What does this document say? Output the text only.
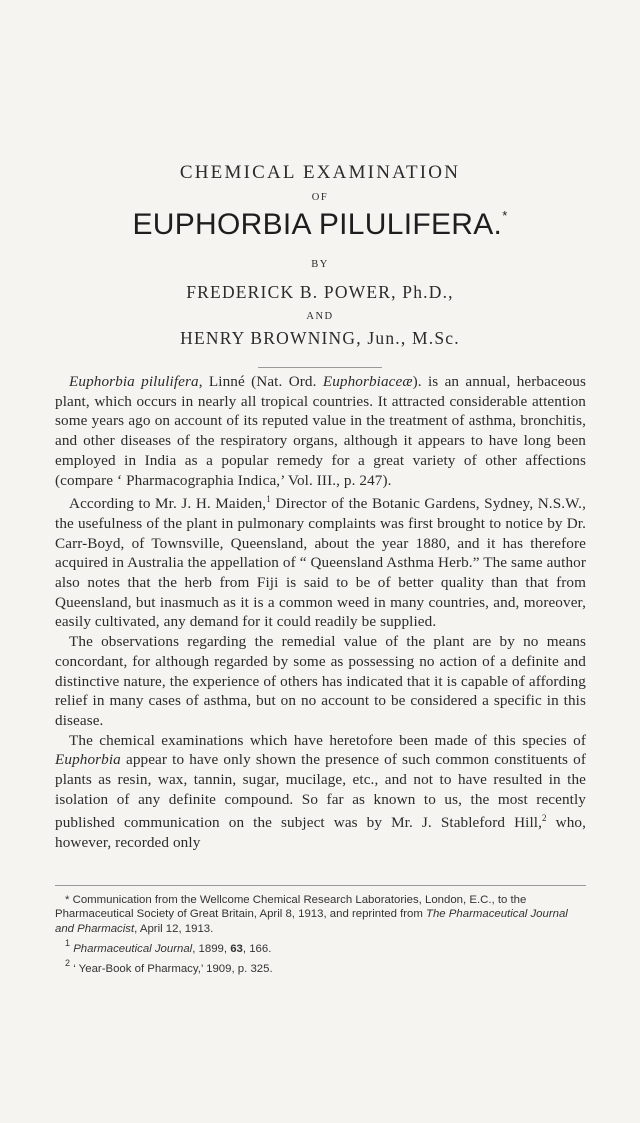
CHEMICAL EXAMINATION
OF
EUPHORBIA PILULIFERA.*
BY
FREDERICK B. POWER, Ph.D.,
AND
HENRY BROWNING, Jun., M.Sc.

Euphorbia pilulifera, Linné (Nat. Ord. Euphorbiaceæ). is an annual, herbaceous plant, which occurs in nearly all tropical countries. It attracted considerable attention some years ago on account of its reputed value in the treatment of asthma, bronchitis, and other diseases of the respiratory organs, although it appears to have long been employed in India as a popular remedy for a great variety of other affections (compare ‘ Pharmacographia Indica,’ Vol. III., p. 247).

According to Mr. J. H. Maiden,$^1$ Director of the Botanic Gardens, Sydney, N.S.W., the usefulness of the plant in pulmonary complaints was first brought to notice by Dr. Carr-Boyd, of Townsville, Queensland, about the year 1880, and it has therefore acquired in Australia the appellation of “ Queensland Asthma Herb.” The same author also notes that the herb from Fiji is said to be of better quality than that from Queensland, but inasmuch as it is a common weed in many countries, and, moreover, easily cultivated, any demand for it could readily be supplied.

The observations regarding the remedial value of the plant are by no means concordant, for although regarded by some as possessing no action of a definite and distinctive nature, the experience of others has indicated that it is capable of affording relief in many cases of asthma, but on no account to be considered a specific in this disease.

The chemical examinations which have heretofore been made of this species of Euphorbia appear to have only shown the presence of such common constituents of plants as resin, wax, tannin, sugar, mucilage, etc., and not to have resulted in the isolation of any definite compound. So far as known to us, the most recently published communication on the subject was by Mr. J. Stableford Hill,$^2$ who, however, recorded only

* Communication from the Wellcome Chemical Research Laboratories, London, E.C., to the Pharmaceutical Society of Great Britain, April 8, 1913, and reprinted from The Pharmaceutical Journal and Pharmacist, April 12, 1913.

$^1$ Pharmaceutical Journal, 1899, 63, 166.

$^2$ ‘ Year-Book of Pharmacy,’ 1909, p. 325.
